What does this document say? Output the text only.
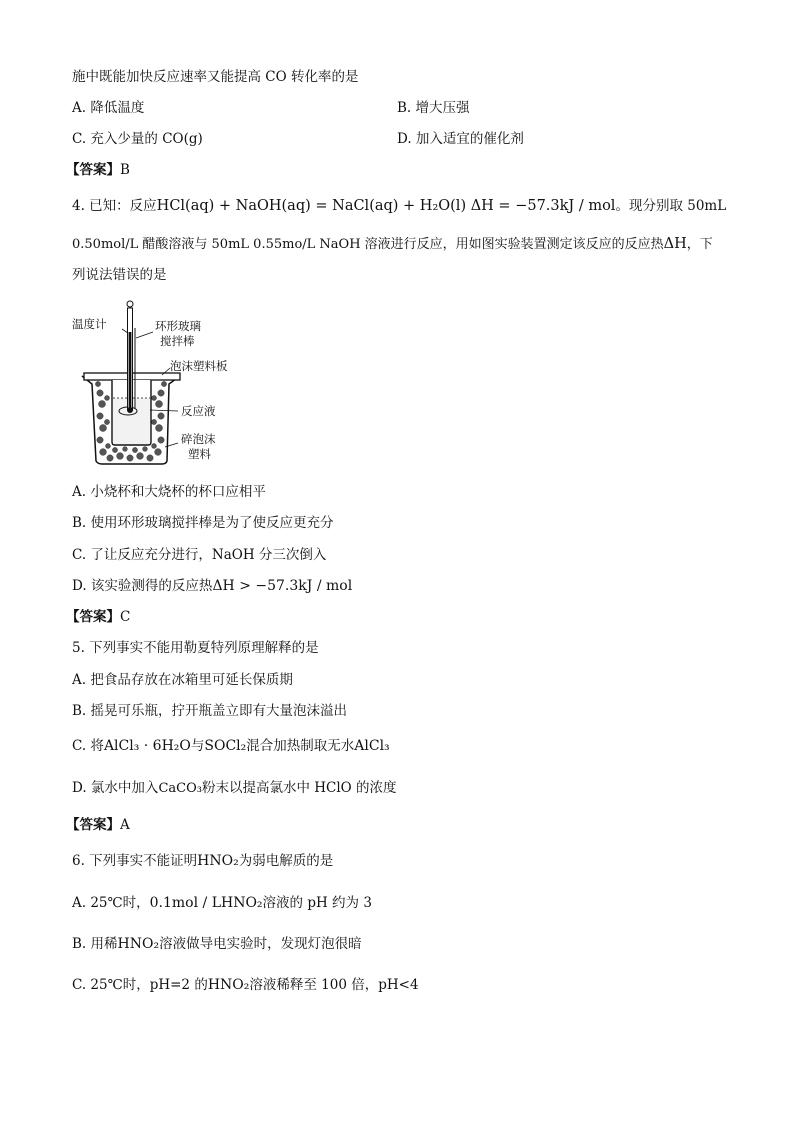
施中既能加快反应速率又能提高 CO 转化率的是
A. 降低温度	B. 增大压强
C. 充入少量的 CO(g)	D. 加入适宜的催化剂
【答案】B
4. 已知：反应HCl(aq) + NaOH(aq) = NaCl(aq) + H₂O(l) ΔH = −57.3kJ / mol。现分别取 50mL
0.50mol/L 醋酸溶液与 50mL 0.55mo/L NaOH 溶液进行反应，用如图实验装置测定该反应的反应热ΔH，下
列说法错误的是
温度计	环形玻璃
搅拌棒
泡沫塑料板
反应液
碎泡沫
塑料
A. 小烧杯和大烧杯的杯口应相平
B. 使用环形玻璃搅拌棒是为了使反应更充分
C. 了让反应充分进行，NaOH 分三次倒入
D. 该实验测得的反应热ΔH > −57.3kJ / mol
【答案】C
5. 下列事实不能用勒夏特列原理解释的是
A. 把食品存放在冰箱里可延长保质期
B. 摇晃可乐瓶，拧开瓶盖立即有大量泡沫溢出
C. 将AlCl₃ · 6H₂O与SOCl₂混合加热制取无水AlCl₃
D. 氯水中加入CaCO₃粉末以提高氯水中 HClO 的浓度
【答案】A
6. 下列事实不能证明HNO₂为弱电解质的是
A. 25℃时，0.1mol / LHNO₂溶液的 pH 约为 3
B. 用稀HNO₂溶液做导电实验时，发现灯泡很暗
C. 25℃时，pH=2 的HNO₂溶液稀释至 100 倍，pH<4
